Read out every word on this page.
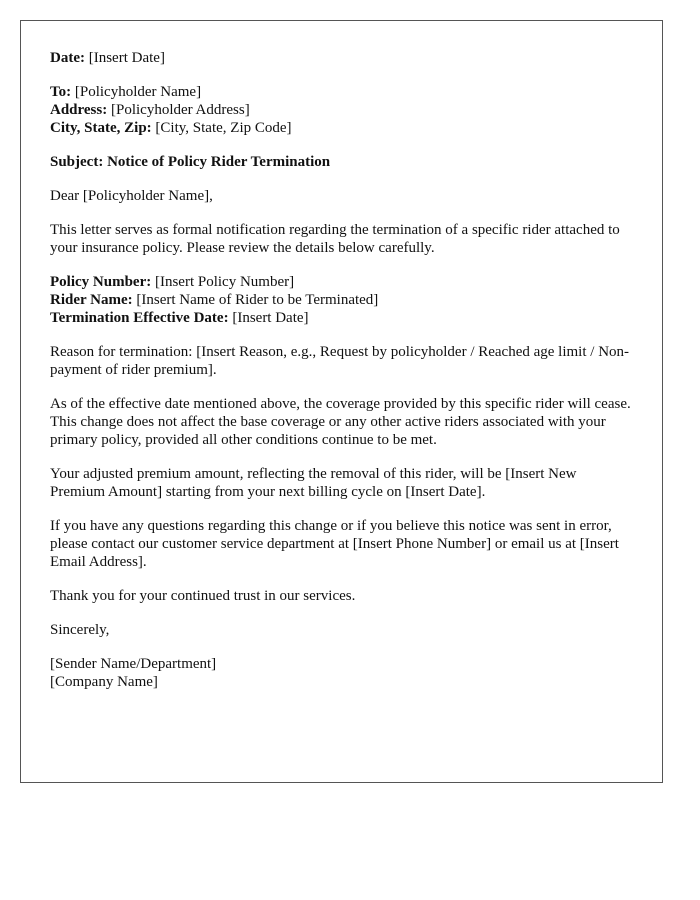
Date: [Insert Date]

To: [Policyholder Name]
Address: [Policyholder Address]
City, State, Zip: [City, State, Zip Code]

Subject: Notice of Policy Rider Termination

Dear [Policyholder Name],

This letter serves as formal notification regarding the termination of a specific rider attached to your insurance policy. Please review the details below carefully.

Policy Number: [Insert Policy Number]
Rider Name: [Insert Name of Rider to be Terminated]
Termination Effective Date: [Insert Date]

Reason for termination: [Insert Reason, e.g., Request by policyholder / Reached age limit / Non-payment of rider premium].

As of the effective date mentioned above, the coverage provided by this specific rider will cease. This change does not affect the base coverage or any other active riders associated with your primary policy, provided all other conditions continue to be met.

Your adjusted premium amount, reflecting the removal of this rider, will be [Insert New Premium Amount] starting from your next billing cycle on [Insert Date].

If you have any questions regarding this change or if you believe this notice was sent in error, please contact our customer service department at [Insert Phone Number] or email us at [Insert Email Address].

Thank you for your continued trust in our services.

Sincerely,

[Sender Name/Department]
[Company Name]
